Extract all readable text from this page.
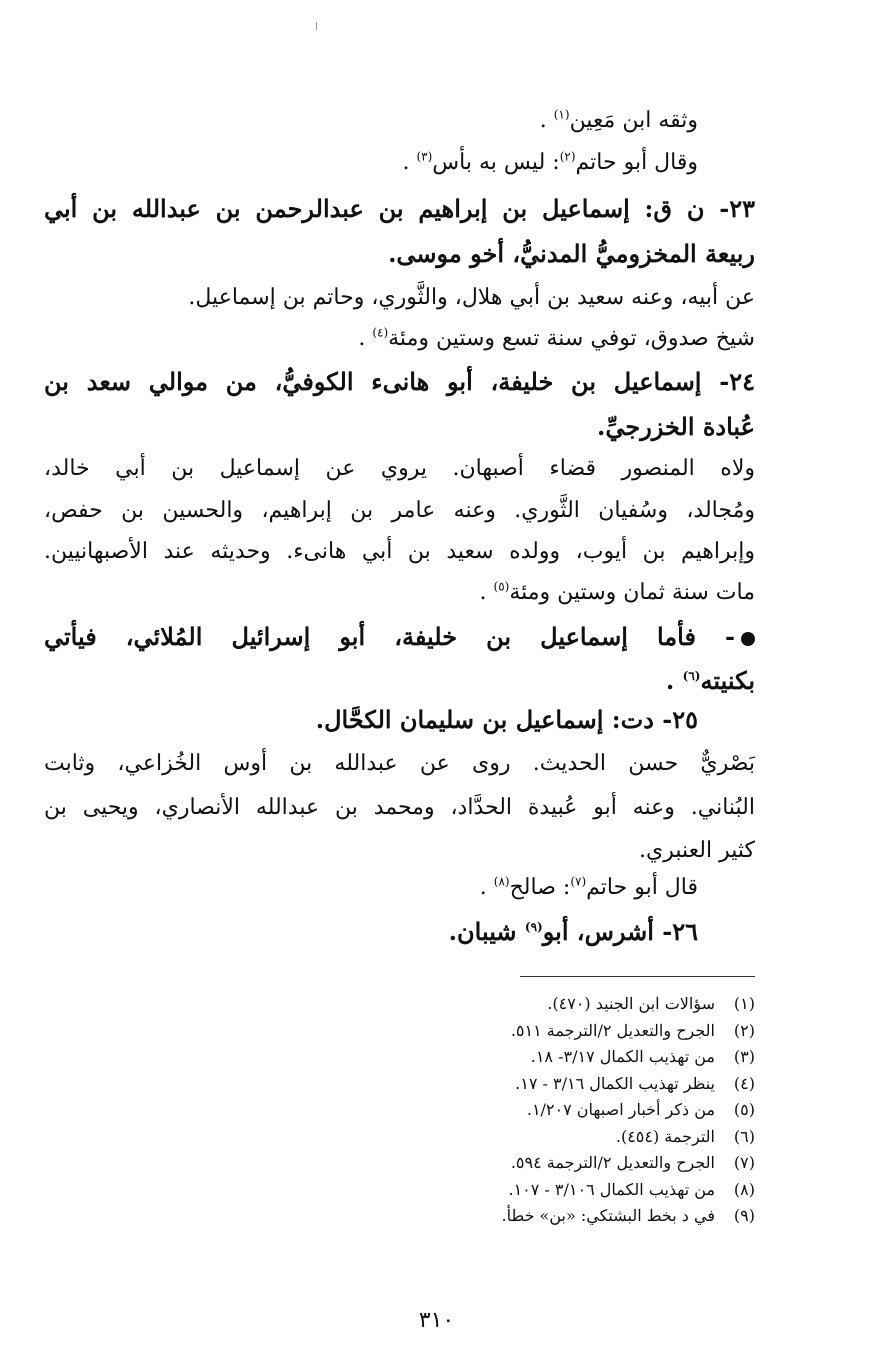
وثقه ابن مَعِين$^{(١)}$ .
وقال أبو حاتم$^{(٢)}$: ليس به بأس$^{(٣)}$ .
٢٣- ن ق: إسماعيل بن إبراهيم بن عبدالرحمن بن عبدالله بن أبي
ربيعة المخزوميُّ المدنيُّ، أخو موسى.
عن أبيه، وعنه سعيد بن أبي هلال، والثَّوري، وحاتم بن إسماعيل.
شيخ صدوق، توفي سنة تسع وستين ومئة$^{(٤)}$ .
٢٤- إسماعيل بن خليفة، أبو هانىء الكوفيُّ، من موالي سعد بن
عُبادة الخزرجيِّ.
ولاه المنصور قضاء أصبهان. يروي عن إسماعيل بن أبي خالد،
ومُجالد، وسُفيان الثَّوري. وعنه عامر بن إبراهيم، والحسين بن حفص،
وإبراهيم بن أيوب، وولده سعيد بن أبي هانىء. وحديثه عند الأصبهانيين.
مات سنة ثمان وستين ومئة$^{(٥)}$ .
- فأما إسماعيل بن خليفة، أبو إسرائيل المُلائي، فيأتي
بكنيته$^{(٦)}$ .
٢٥- دت: إسماعيل بن سليمان الكحَّال.
بَصْريٌّ حسن الحديث. روى عن عبدالله بن أوس الخُزاعي، وثابت
البُناني. وعنه أبو عُبيدة الحدَّاد، ومحمد بن عبدالله الأنصاري، ويحيى بن
كثير العنبري.
قال أبو حاتم$^{(٧)}$: صالح$^{(٨)}$ .
٢٦- أشرس، أبو$^{(٩)}$ شيبان.
(١)سؤالات ابن الجنيد (٤٧٠).
(٢)الجرح والتعديل ٢/الترجمة ٥١١.
(٣)من تهذيب الكمال ٣/١٧- ١٨.
(٤)ينظر تهذيب الكمال ٣/١٦ - ١٧.
(٥)من ذكر أخبار اصبهان ١/٢٠٧.
(٦)الترجمة (٤٥٤).
(٧)الجرح والتعديل ٢/الترجمة ٥٩٤.
(٨)من تهذيب الكمال ٣/١٠٦ - ١٠٧.
(٩)في د بخط البشتكي: «بن» خطأ.
٣١٠
